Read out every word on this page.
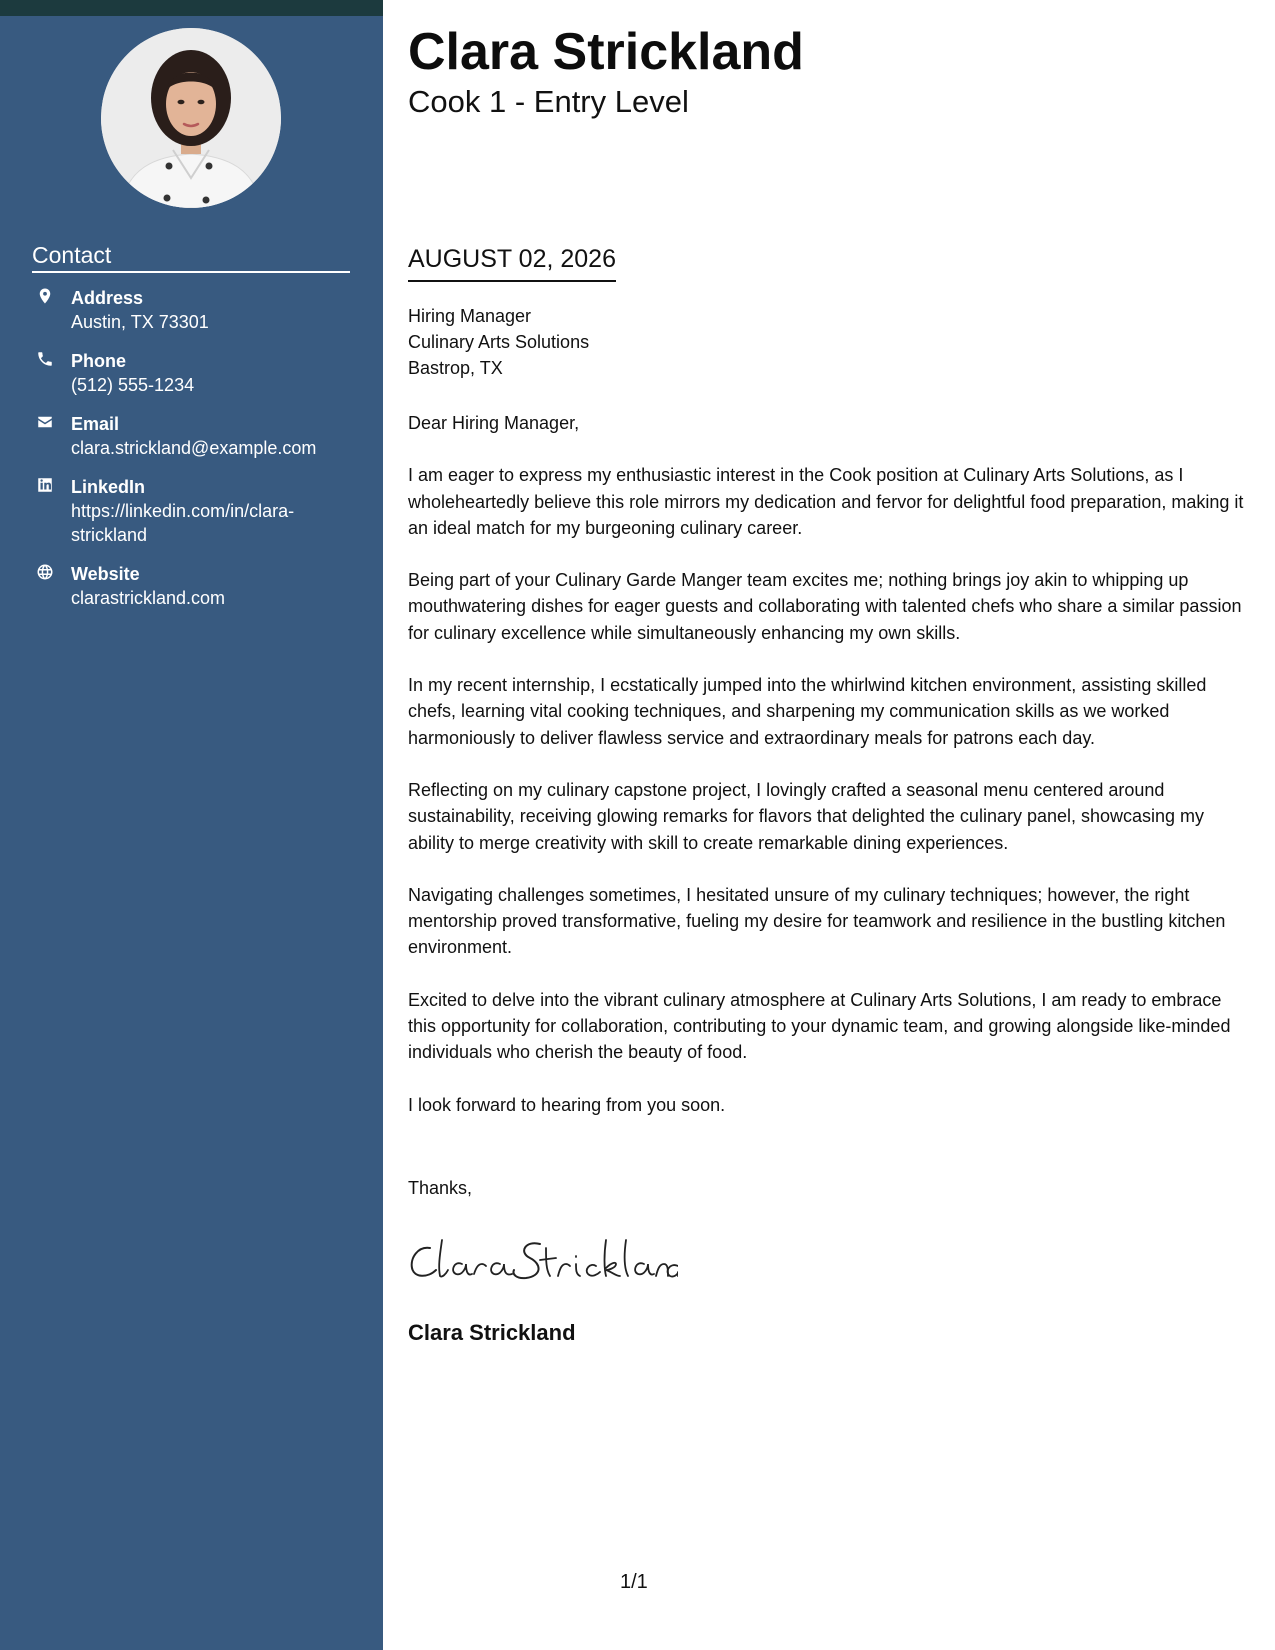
Contact
Address
Austin, TX 73301
Phone
(512) 555-1234
Email
clara.strickland@example.com
LinkedIn
https://linkedin.com/in/clara-strickland
Website
clarastrickland.com
Clara Strickland
Cook 1 - Entry Level
AUGUST 02, 2026
Hiring Manager
Culinary Arts Solutions
Bastrop, TX

Dear Hiring Manager,

I am eager to express my enthusiastic interest in the Cook position at Culinary Arts Solutions, as I wholeheartedly believe this role mirrors my dedication and fervor for delightful food preparation, making it an ideal match for my burgeoning culinary career.

Being part of your Culinary Garde Manger team excites me; nothing brings joy akin to whipping up mouthwatering dishes for eager guests and collaborating with talented chefs who share a similar passion for culinary excellence while simultaneously enhancing my own skills.

In my recent internship, I ecstatically jumped into the whirlwind kitchen environment, assisting skilled chefs, learning vital cooking techniques, and sharpening my communication skills as we worked harmoniously to deliver flawless service and extraordinary meals for patrons each day.

Reflecting on my culinary capstone project, I lovingly crafted a seasonal menu centered around sustainability, receiving glowing remarks for flavors that delighted the culinary panel, showcasing my ability to merge creativity with skill to create remarkable dining experiences.

Navigating challenges sometimes, I hesitated unsure of my culinary techniques; however, the right mentorship proved transformative, fueling my desire for teamwork and resilience in the bustling kitchen environment.

Excited to delve into the vibrant culinary atmosphere at Culinary Arts Solutions, I am ready to embrace this opportunity for collaboration, contributing to your dynamic team, and growing alongside like-minded individuals who cherish the beauty of food.

I look forward to hearing from you soon.

Thanks,
Clara Strickland
1/1
